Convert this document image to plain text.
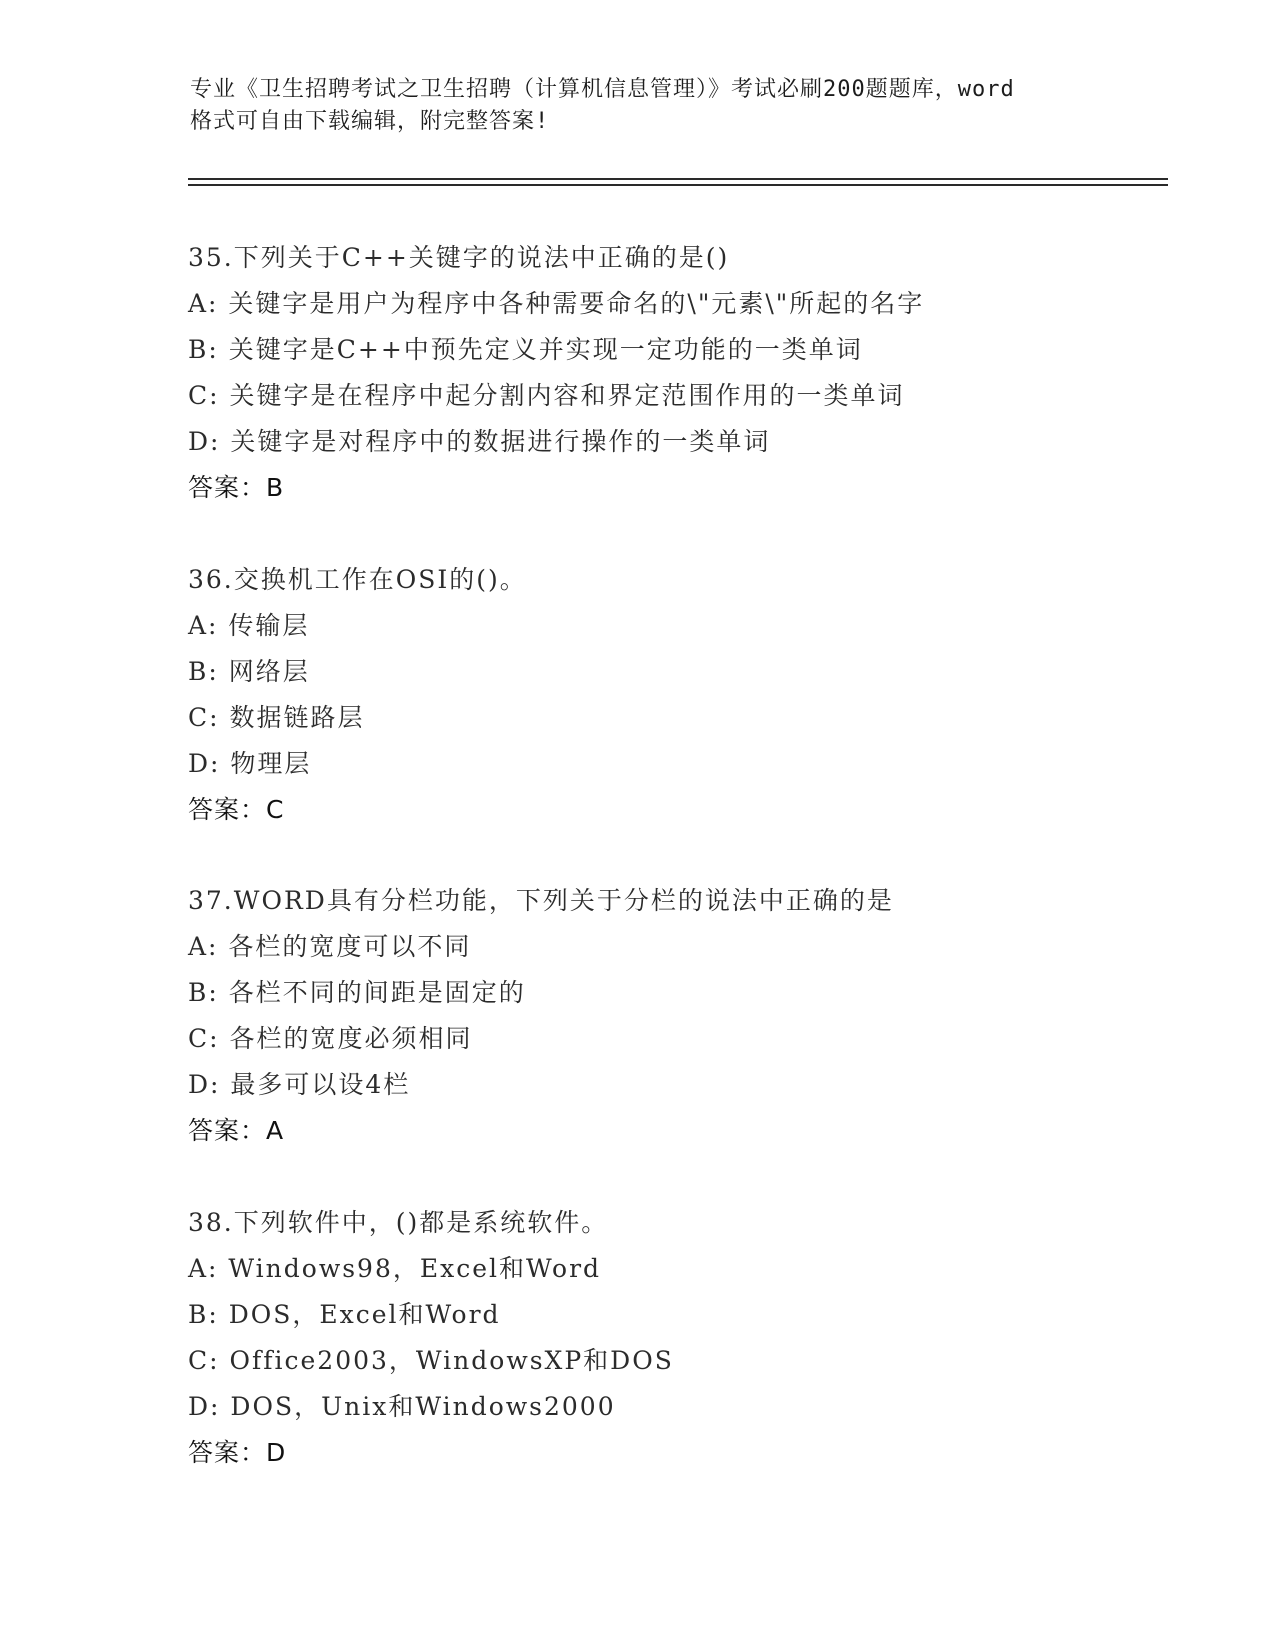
专业《卫生招聘考试之卫生招聘（计算机信息管理）》考试必刷200题题库，word
格式可自由下载编辑，附完整答案!
35.下列关于C++关键字的说法中正确的是()
A: 关键字是用户为程序中各种需要命名的\"元素\"所起的名字
B: 关键字是C++中预先定义并实现一定功能的一类单词
C: 关键字是在程序中起分割内容和界定范围作用的一类单词
D: 关键字是对程序中的数据进行操作的一类单词
答案：B
36.交换机工作在OSI的()。
A: 传输层
B: 网络层
C: 数据链路层
D: 物理层
答案：C
37.WORD具有分栏功能，下列关于分栏的说法中正确的是
A: 各栏的宽度可以不同
B: 各栏不同的间距是固定的
C: 各栏的宽度必须相同
D: 最多可以设4栏
答案：A
38.下列软件中，()都是系统软件。
A: Windows98，Excel和Word
B: DOS，Excel和Word
C: Office2003，WindowsXP和DOS
D: DOS，Unix和Windows2000
答案：D
